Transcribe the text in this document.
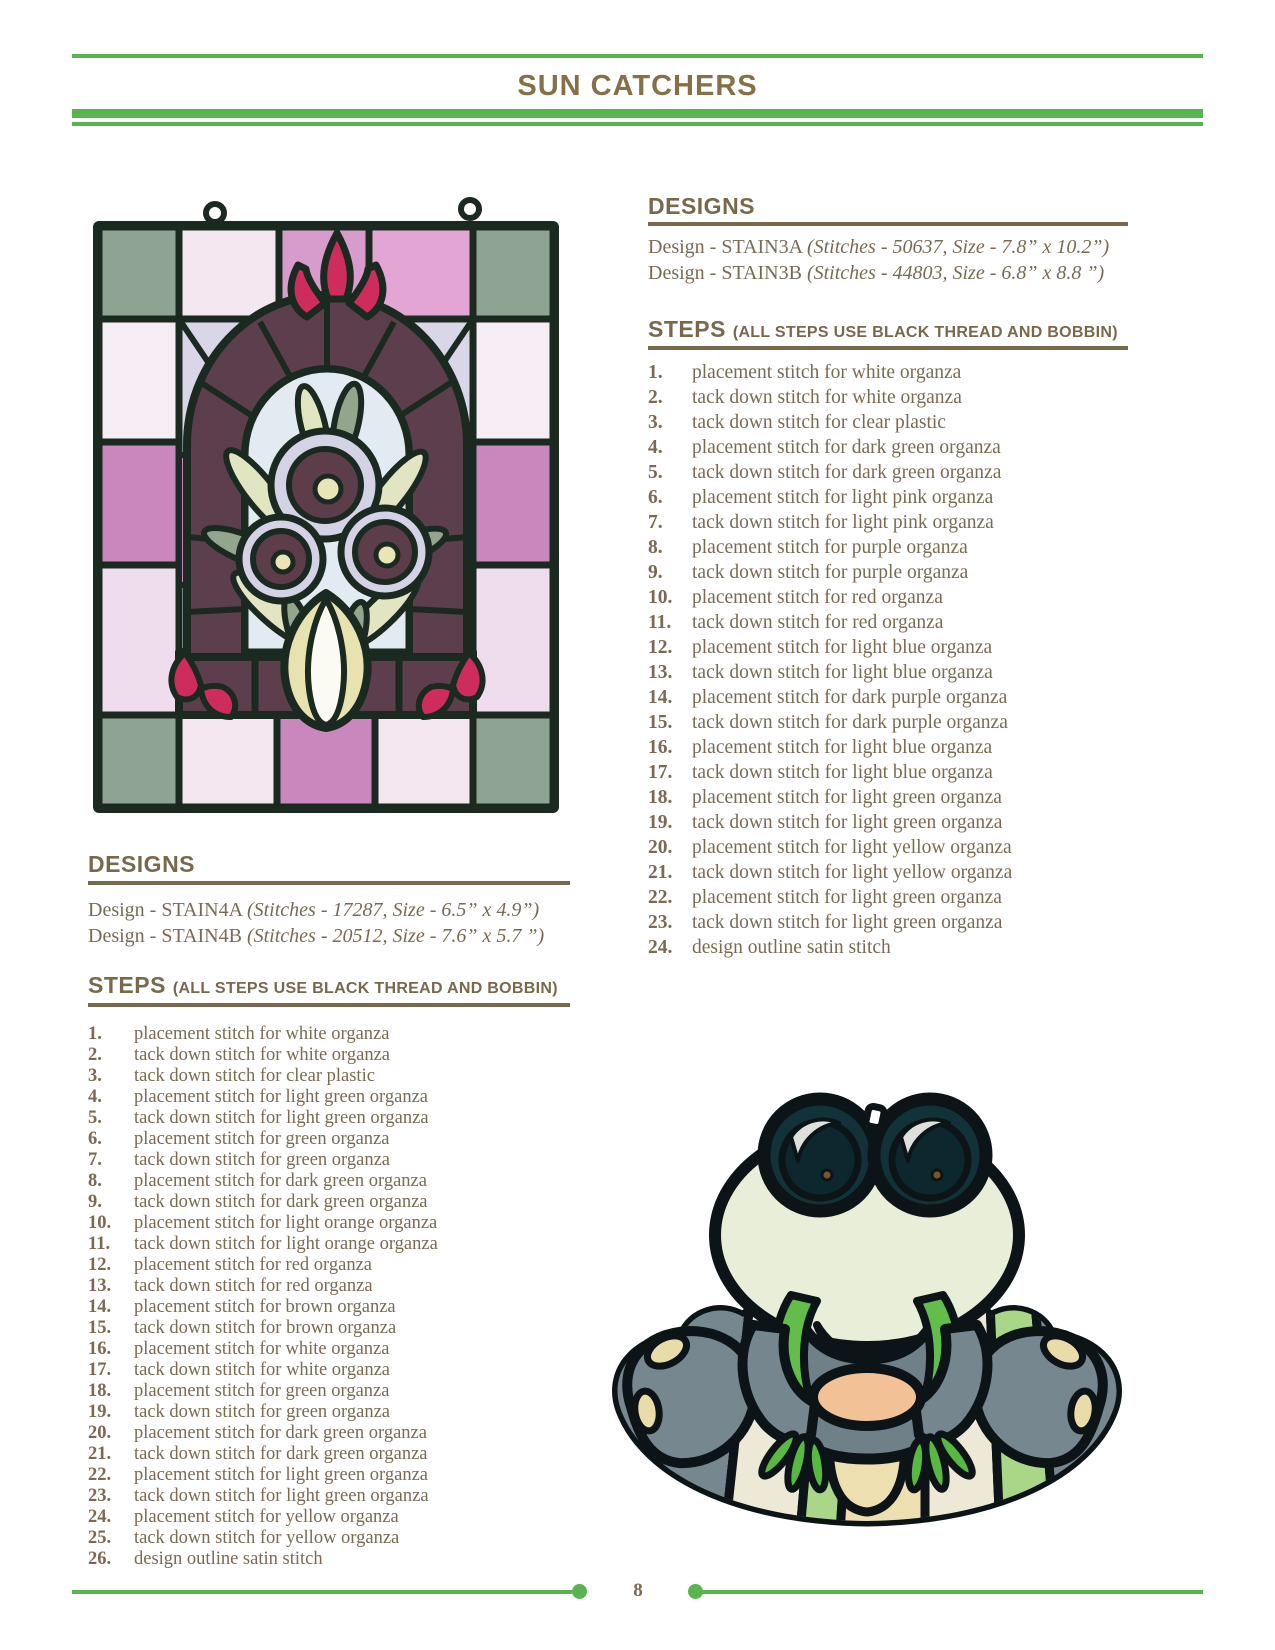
SUN CATCHERS
DESIGNS
Design - STAIN4A (Stitches - 17287, Size - 6.5” x 4.9”)
Design - STAIN4B (Stitches - 20512, Size - 7.6” x 5.7 ”)
STEPS (ALL STEPS USE BLACK THREAD AND BOBBIN)
1.	placement stitch for white organza
2.	tack down stitch for white organza
3.	tack down stitch for clear plastic
4.	placement stitch for light green organza
5.	tack down stitch for light green organza
6.	placement stitch for green organza
7.	tack down stitch for green organza
8.	placement stitch for dark green organza
9.	tack down stitch for dark green organza
10.	placement stitch for light orange organza
11.	tack down stitch for light orange organza
12.	placement stitch for red organza
13.	tack down stitch for red organza
14.	placement stitch for brown organza
15.	tack down stitch for brown organza
16.	placement stitch for white organza
17.	tack down stitch for white organza
18.	placement stitch for green organza
19.	tack down stitch for green organza
20.	placement stitch for dark green organza
21.	tack down stitch for dark green organza
22.	placement stitch for light green organza
23.	tack down stitch for light green organza
24.	placement stitch for yellow organza
25.	tack down stitch for yellow organza
26.	design outline satin stitch
DESIGNS
Design - STAIN3A (Stitches - 50637, Size - 7.8” x 10.2”)
Design - STAIN3B (Stitches - 44803, Size - 6.8” x 8.8 ”)
STEPS (ALL STEPS USE BLACK THREAD AND BOBBIN)
1.	placement stitch for white organza
2.	tack down stitch for white organza
3.	tack down stitch for clear plastic
4.	placement stitch for dark green organza
5.	tack down stitch for dark green organza
6.	placement stitch for light pink organza
7.	tack down stitch for light pink organza
8.	placement stitch for purple organza
9.	tack down stitch for purple organza
10.	placement stitch for red organza
11.	tack down stitch for red organza
12.	placement stitch for light blue organza
13.	tack down stitch for light blue organza
14.	placement stitch for dark purple organza
15.	tack down stitch for dark purple organza
16.	placement stitch for light blue organza
17.	tack down stitch for light blue organza
18.	placement stitch for light green organza
19.	tack down stitch for light green organza
20.	placement stitch for light yellow organza
21.	tack down stitch for light yellow organza
22.	placement stitch for light green organza
23.	tack down stitch for light green organza
24.	design outline satin stitch
8
